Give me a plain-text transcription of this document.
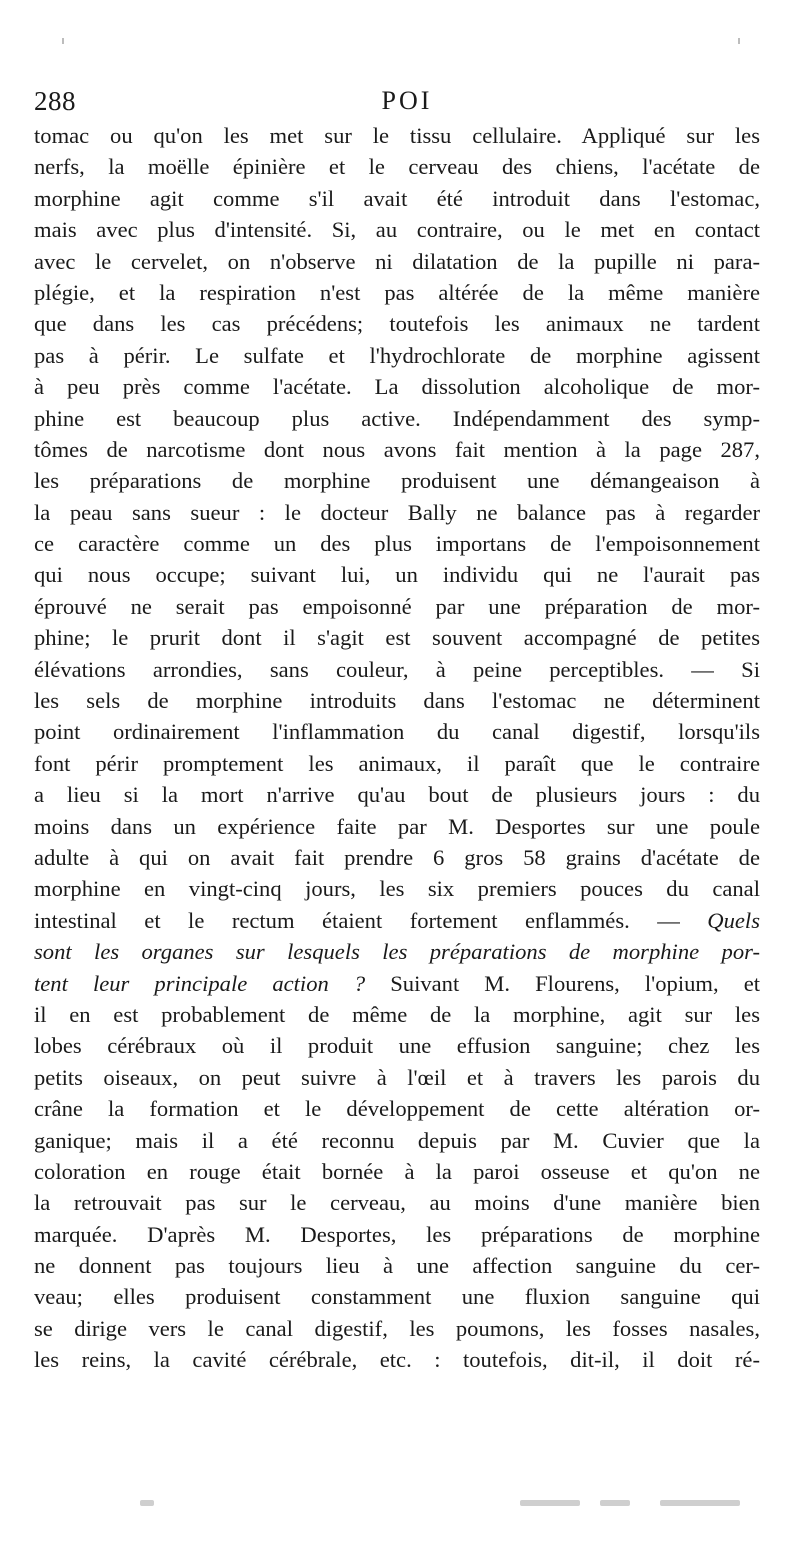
288	POI
tomac ou qu'on les met sur le tissu cellulaire. Appliqué sur les
nerfs, la moëlle épinière et le cerveau des chiens, l'acétate de
morphine agit comme s'il avait été introduit dans l'estomac,
mais avec plus d'intensité. Si, au contraire, ou le met en contact
avec le cervelet, on n'observe ni dilatation de la pupille ni para-
plégie, et la respiration n'est pas altérée de la même manière
que dans les cas précédens; toutefois les animaux ne tardent
pas à périr. Le sulfate et l'hydrochlorate de morphine agissent
à peu près comme l'acétate. La dissolution alcoholique de mor-
phine est beaucoup plus active. Indépendamment des symp-
tômes de narcotisme dont nous avons fait mention à la page 287,
les préparations de morphine produisent une démangeaison à
la peau sans sueur : le docteur Bally ne balance pas à regarder
ce caractère comme un des plus importans de l'empoisonnement
qui nous occupe; suivant lui, un individu qui ne l'aurait pas
éprouvé ne serait pas empoisonné par une préparation de mor-
phine; le prurit dont il s'agit est souvent accompagné de petites
élévations arrondies, sans couleur, à peine perceptibles. — Si
les sels de morphine introduits dans l'estomac ne déterminent
point ordinairement l'inflammation du canal digestif, lorsqu'ils
font périr promptement les animaux, il paraît que le contraire
a lieu si la mort n'arrive qu'au bout de plusieurs jours : du
moins dans un expérience faite par M. Desportes sur une poule
adulte à qui on avait fait prendre 6 gros 58 grains d'acétate de
morphine en vingt-cinq jours, les six premiers pouces du canal
intestinal et le rectum étaient fortement enflammés. — Quels
sont les organes sur lesquels les préparations de morphine por-
tent leur principale action ? Suivant M. Flourens, l'opium, et
il en est probablement de même de la morphine, agit sur les
lobes cérébraux où il produit une effusion sanguine; chez les
petits oiseaux, on peut suivre à l'œil et à travers les parois du
crâne la formation et le développement de cette altération or-
ganique; mais il a été reconnu depuis par M. Cuvier que la
coloration en rouge était bornée à la paroi osseuse et qu'on ne
la retrouvait pas sur le cerveau, au moins d'une manière bien
marquée. D'après M. Desportes, les préparations de morphine
ne donnent pas toujours lieu à une affection sanguine du cer-
veau; elles produisent constamment une fluxion sanguine qui
se dirige vers le canal digestif, les poumons, les fosses nasales,
les reins, la cavité cérébrale, etc. : toutefois, dit-il, il doit ré-
